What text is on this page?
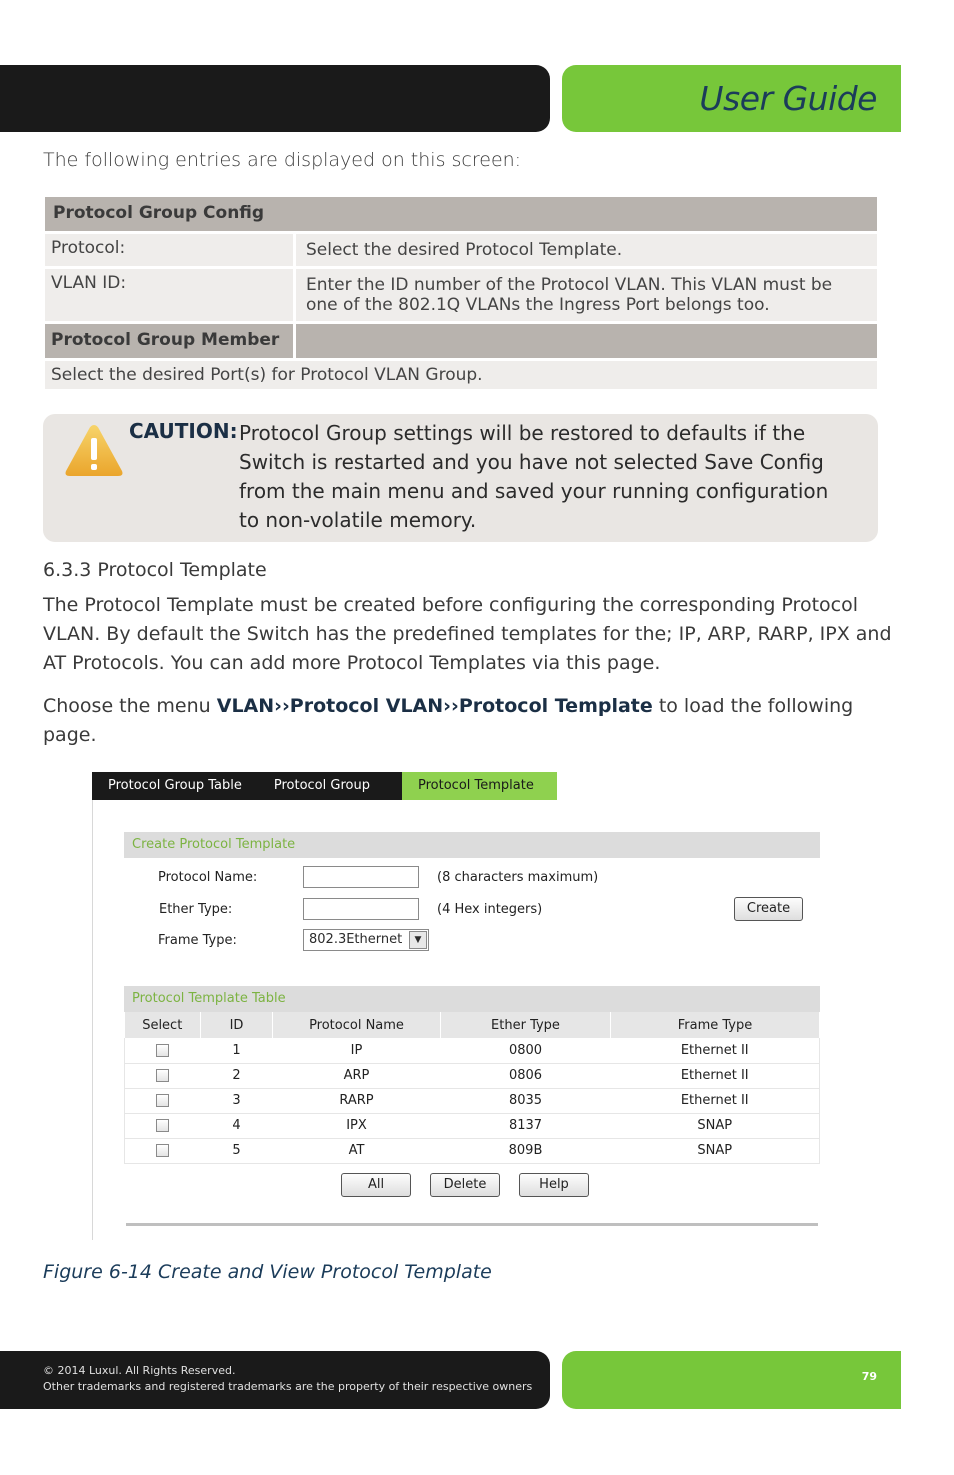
User Guide
The following entries are displayed on this screen:
Protocol Group Config
Protocol:	Select the desired Protocol Template.
VLAN ID:	Enter the ID number of the Protocol VLAN. This VLAN must be one of the 802.1Q VLANs the Ingress Port belongs too.
Protocol Group Member
Select the desired Port(s) for Protocol VLAN Group.
CAUTION: Protocol Group settings will be restored to defaults if the Switch is restarted and you have not selected Save Config from the main menu and saved your running configuration to non-volatile memory.
6.3.3 Protocol Template
The Protocol Template must be created before configuring the corresponding Protocol VLAN. By default the Switch has the predefined templates for the; IP, ARP, RARP, IPX and AT Protocols. You can add more Protocol Templates via this page.
Choose the menu VLAN››Protocol VLAN››Protocol Template to load the following page.
Protocol Group Table	Protocol Group	Protocol Template
Create Protocol Template
Protocol Name:	(8 characters maximum)
Ether Type:	(4 Hex integers)	Create
Frame Type:	802.3Ethernet	▼
Protocol Template Table
Select	ID	Protocol Name	Ether Type	Frame Type
	1	IP	0800	Ethernet II
	2	ARP	0806	Ethernet II
	3	RARP	8035	Ethernet II
	4	IPX	8137	SNAP
	5	AT	809B	SNAP
All	Delete	Help
Figure 6-14 Create and View Protocol Template
© 2014 Luxul. All Rights Reserved.
Other trademarks and registered trademarks are the property of their respective owners
79
